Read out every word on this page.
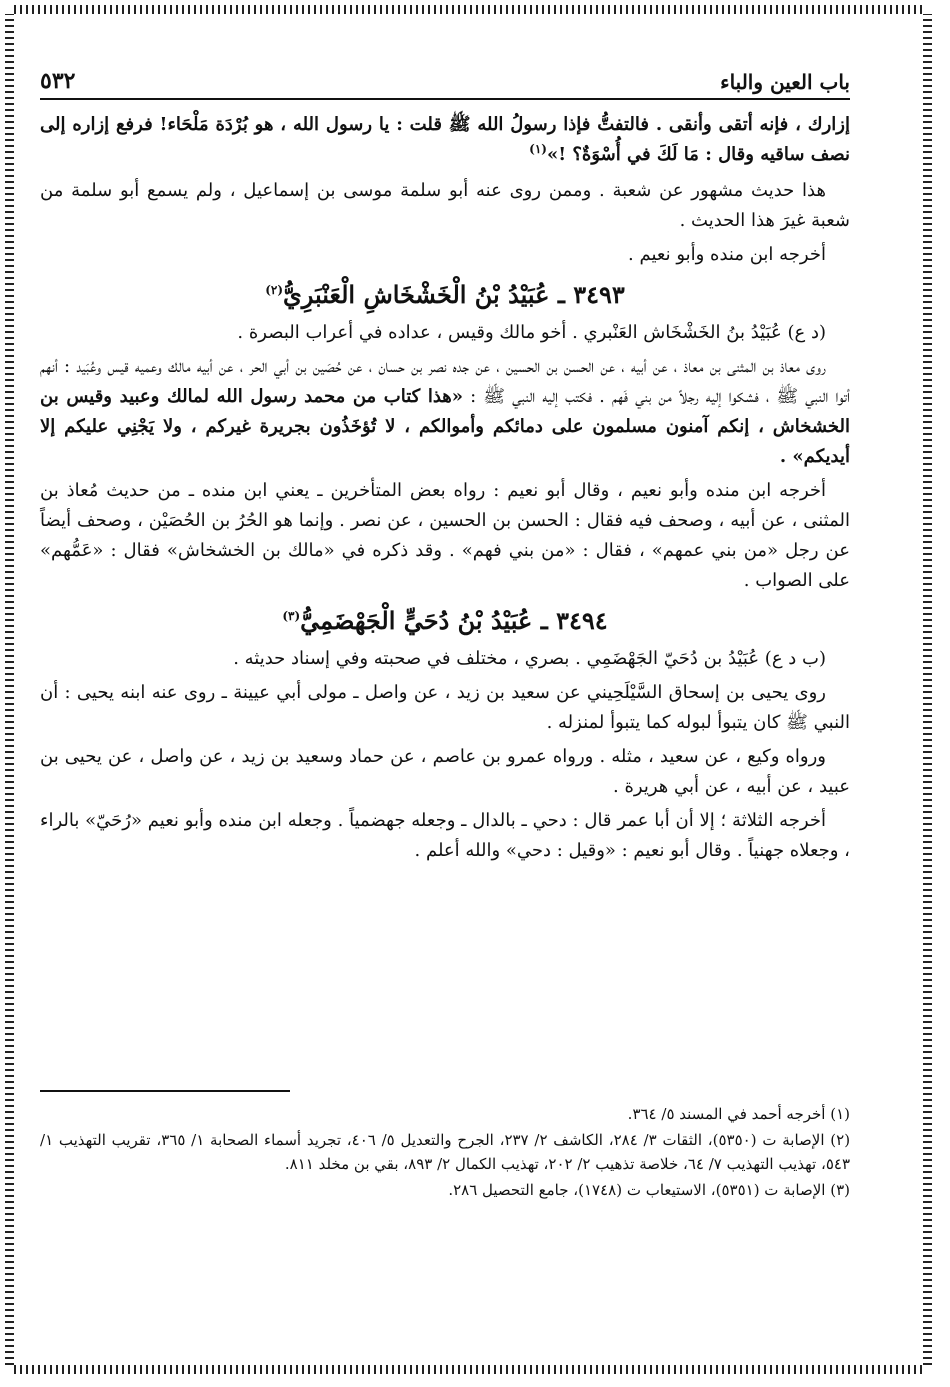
باب العين والباء
٥٣٢

إزارك ، فإنه أتقى وأنقى . فالتفتُّ فإذا رسولُ الله ﷺ قلت : يا رسول الله ، هو بُرْدَة مَلْحَاء! فرفع إزاره إلى نصف ساقيه وقال : مَا لَكَ في أُسْوَةٌ؟ !»$^{(١)}$

هذا حديث مشهور عن شعبة . وممن روى عنه أبو سلمة موسى بن إسماعيل ، ولم يسمع أبو سلمة من شعبة غيرَ هذا الحديث .

أخرجه ابن منده وأبو نعيم .

٣٤٩٣ ـ عُبَيْدُ بْنُ الْخَشْخَاشِ الْعَنْبَرِيُّ$^{(٢)}$

(د ع) عُبَيْدُ بنُ الخَشْخَاش العَنْبري . أخو مالك وقيس ، عداده في أعراب البصرة .

روى معاذ بن المثنى بن معاذ ، عن أبيه ، عن الحسن بن الحسين ، عن جده نصر بن حسان ، عن حُصَين بن أبي الحر ، عن أبيه مالك وعميه قيس وعُبَيد : أنهم أتوا النبي ﷺ ، فشكوا إليه رجلاً من بني فَهم . فكتب إليه النبي ﷺ : «هذا كتاب من محمد رسول الله لمالك وعبيد وقيس بن الخشخاش ، إنكم آمنون مسلمون على دمائكم وأموالكم ، لا تُؤخَذُون بجريرة غيركم ، ولا يَجْنِي عليكم إلا أيديكم» .

أخرجه ابن منده وأبو نعيم ، وقال أبو نعيم : رواه بعض المتأخرين ـ يعني ابن منده ـ من حديث مُعاذ بن المثنى ، عن أبيه ، وصحف فيه فقال : الحسن بن الحسين ، عن نصر . وإنما هو الحُرُ بن الحُصَيْن ، وصحف أيضاً عن رجل «من بني عمهم» ، فقال : «من بني فهم» . وقد ذكره في «مالك بن الخشخاش» فقال : «عَمُّهم» على الصواب .

٣٤٩٤ ـ عُبَيْدُ بْنُ دُحَيٍّ الْجَهْضَمِيُّ$^{(٣)}$

(ب د ع) عُبَيْدُ بن دُحَيّ الجَهْضَمِي . بصري ، مختلف في صحبته وفي إسناد حديثه .

روى يحيى بن إسحاق السَّيْلَحِيني عن سعيد بن زيد ، عن واصل ـ مولى أبي عيينة ـ روى عنه ابنه يحيى : أن النبي ﷺ كان يتبوأ لبوله كما يتبوأ لمنزله .

ورواه وكيع ، عن سعيد ، مثله . ورواه عمرو بن عاصم ، عن حماد وسعيد بن زيد ، عن واصل ، عن يحيى بن عبيد ، عن أبيه ، عن أبي هريرة .

أخرجه الثلاثة ؛ إلا أن أبا عمر قال : دحي ـ بالدال ـ وجعله جهضمياً . وجعله ابن منده وأبو نعيم «رُحَيّ» بالراء ، وجعلاه جهنياً . وقال أبو نعيم : «وقيل : دحي» والله أعلم .

(١) أخرجه أحمد في المسند ٥/ ٣٦٤.

(٢) الإصابة ت (٥٣٥٠)، الثقات ٣/ ٢٨٤، الكاشف ٢/ ٢٣٧، الجرح والتعديل ٥/ ٤٠٦، تجريد أسماء الصحابة ١/ ٣٦٥، تقريب التهذيب ١/ ٥٤٣، تهذيب التهذيب ٧/ ٦٤، خلاصة تذهيب ٢/ ٢٠٢، تهذيب الكمال ٢/ ٨٩٣، بقي بن مخلد ٨١١.

(٣) الإصابة ت (٥٣٥١)، الاستيعاب ت (١٧٤٨)، جامع التحصيل ٢٨٦.
